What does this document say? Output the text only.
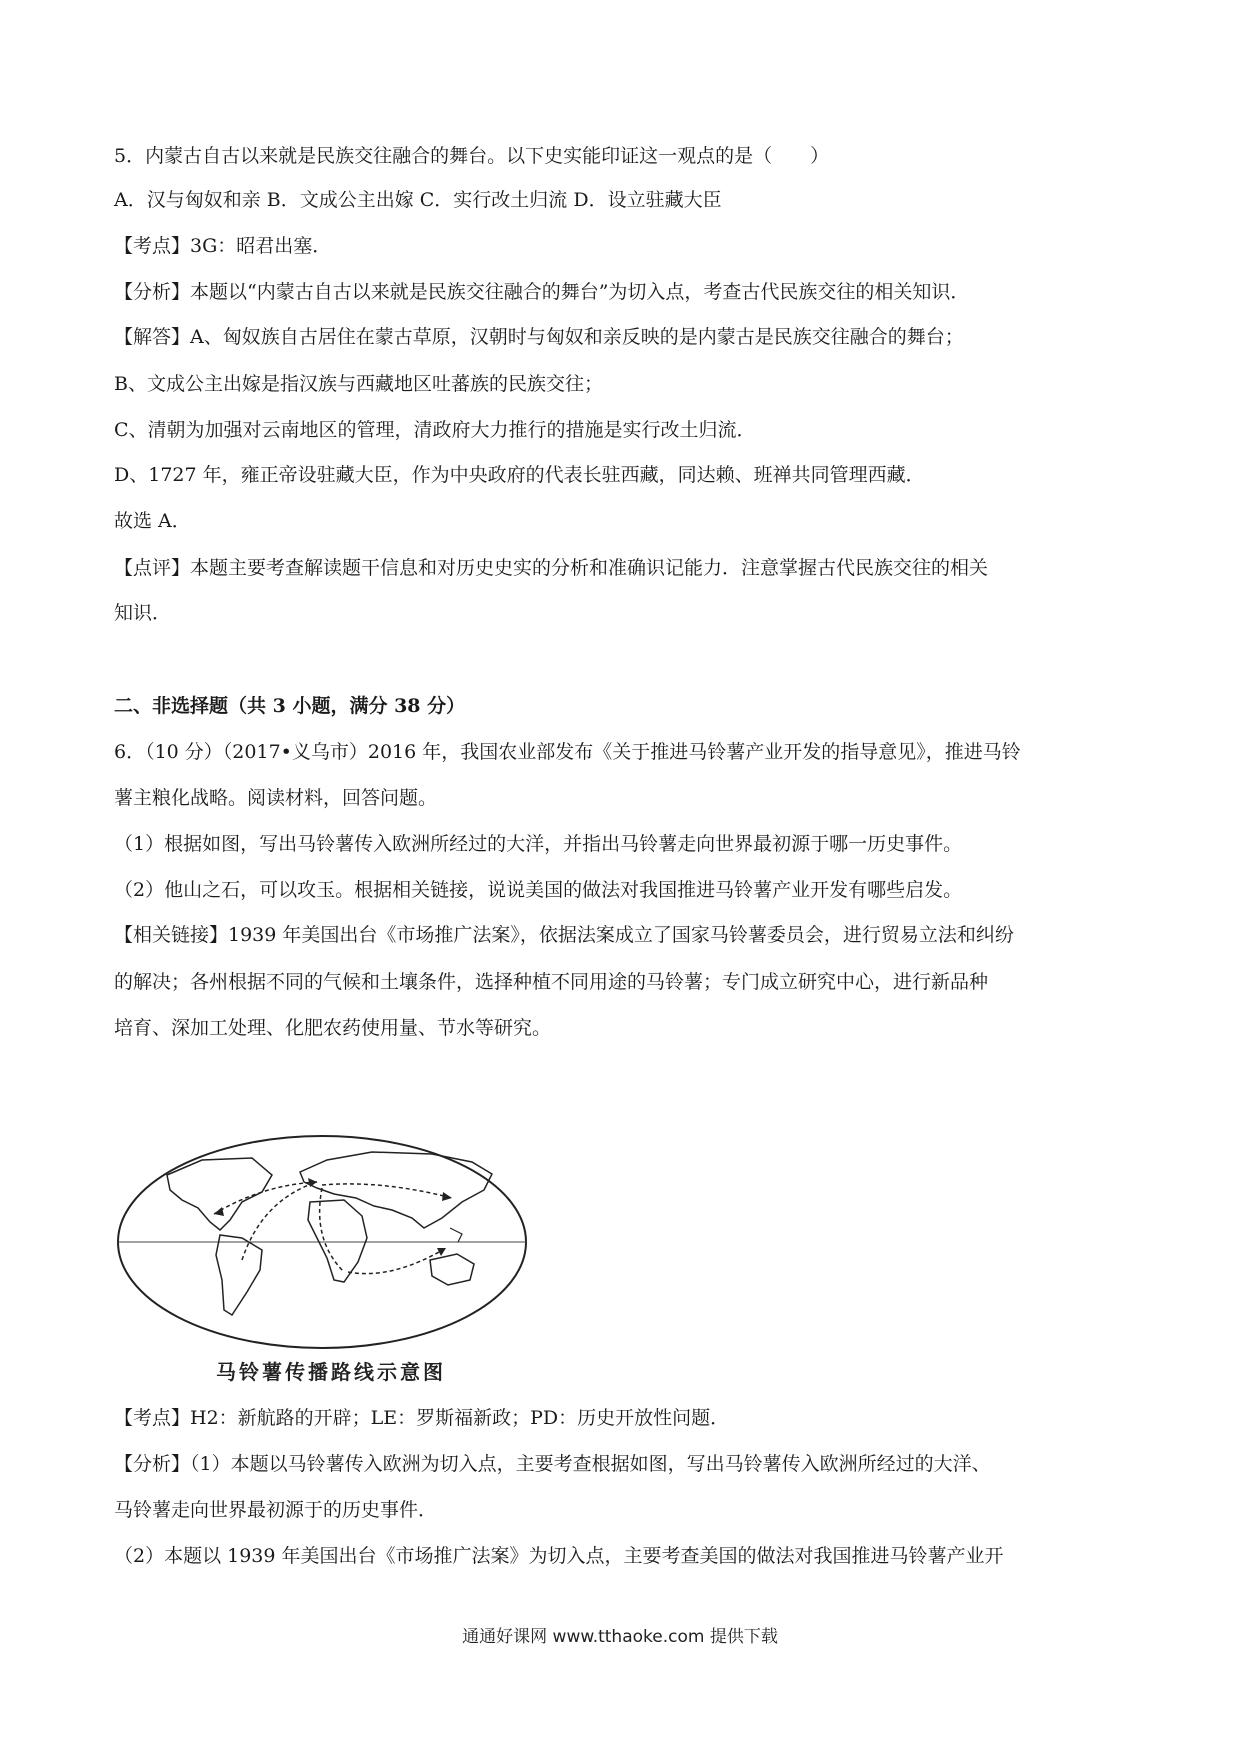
5．内蒙古自古以来就是民族交往融合的舞台。以下史实能印证这一观点的是（　　）
A．汉与匈奴和亲 B．文成公主出嫁 C．实行改土归流 D．设立驻藏大臣
【考点】3G：昭君出塞．
【分析】本题以“内蒙古自古以来就是民族交往融合的舞台”为切入点，考查古代民族交往的相关知识．
【解答】A、匈奴族自古居住在蒙古草原，汉朝时与匈奴和亲反映的是内蒙古是民族交往融合的舞台；
B、文成公主出嫁是指汉族与西藏地区吐蕃族的民族交往；
C、清朝为加强对云南地区的管理，清政府大力推行的措施是实行改土归流．
D、1727 年，雍正帝设驻藏大臣，作为中央政府的代表长驻西藏，同达赖、班禅共同管理西藏．
故选 A．
【点评】本题主要考查解读题干信息和对历史史实的分析和准确识记能力．注意掌握古代民族交往的相关
知识．
二、非选择题（共 3 小题，满分 38 分）
6．（10 分）（2017•义乌市）2016 年，我国农业部发布《关于推进马铃薯产业开发的指导意见》，推进马铃
薯主粮化战略。阅读材料，回答问题。
（1）根据如图，写出马铃薯传入欧洲所经过的大洋，并指出马铃薯走向世界最初源于哪一历史事件。
（2）他山之石，可以攻玉。根据相关链接，说说美国的做法对我国推进马铃薯产业开发有哪些启发。
【相关链接】1939 年美国出台《市场推广法案》，依据法案成立了国家马铃薯委员会，进行贸易立法和纠纷
的解决；各州根据不同的气候和土壤条件，选择种植不同用途的马铃薯；专门成立研究中心，进行新品种
培育、深加工处理、化肥农药使用量、节水等研究。
马铃薯传播路线示意图
【考点】H2：新航路的开辟；LE：罗斯福新政；PD：历史开放性问题．
【分析】（1）本题以马铃薯传入欧洲为切入点，主要考查根据如图，写出马铃薯传入欧洲所经过的大洋、
马铃薯走向世界最初源于的历史事件．
（2）本题以 1939 年美国出台《市场推广法案》为切入点，主要考查美国的做法对我国推进马铃薯产业开
通通好课网 www.tthaoke.com 提供下载
